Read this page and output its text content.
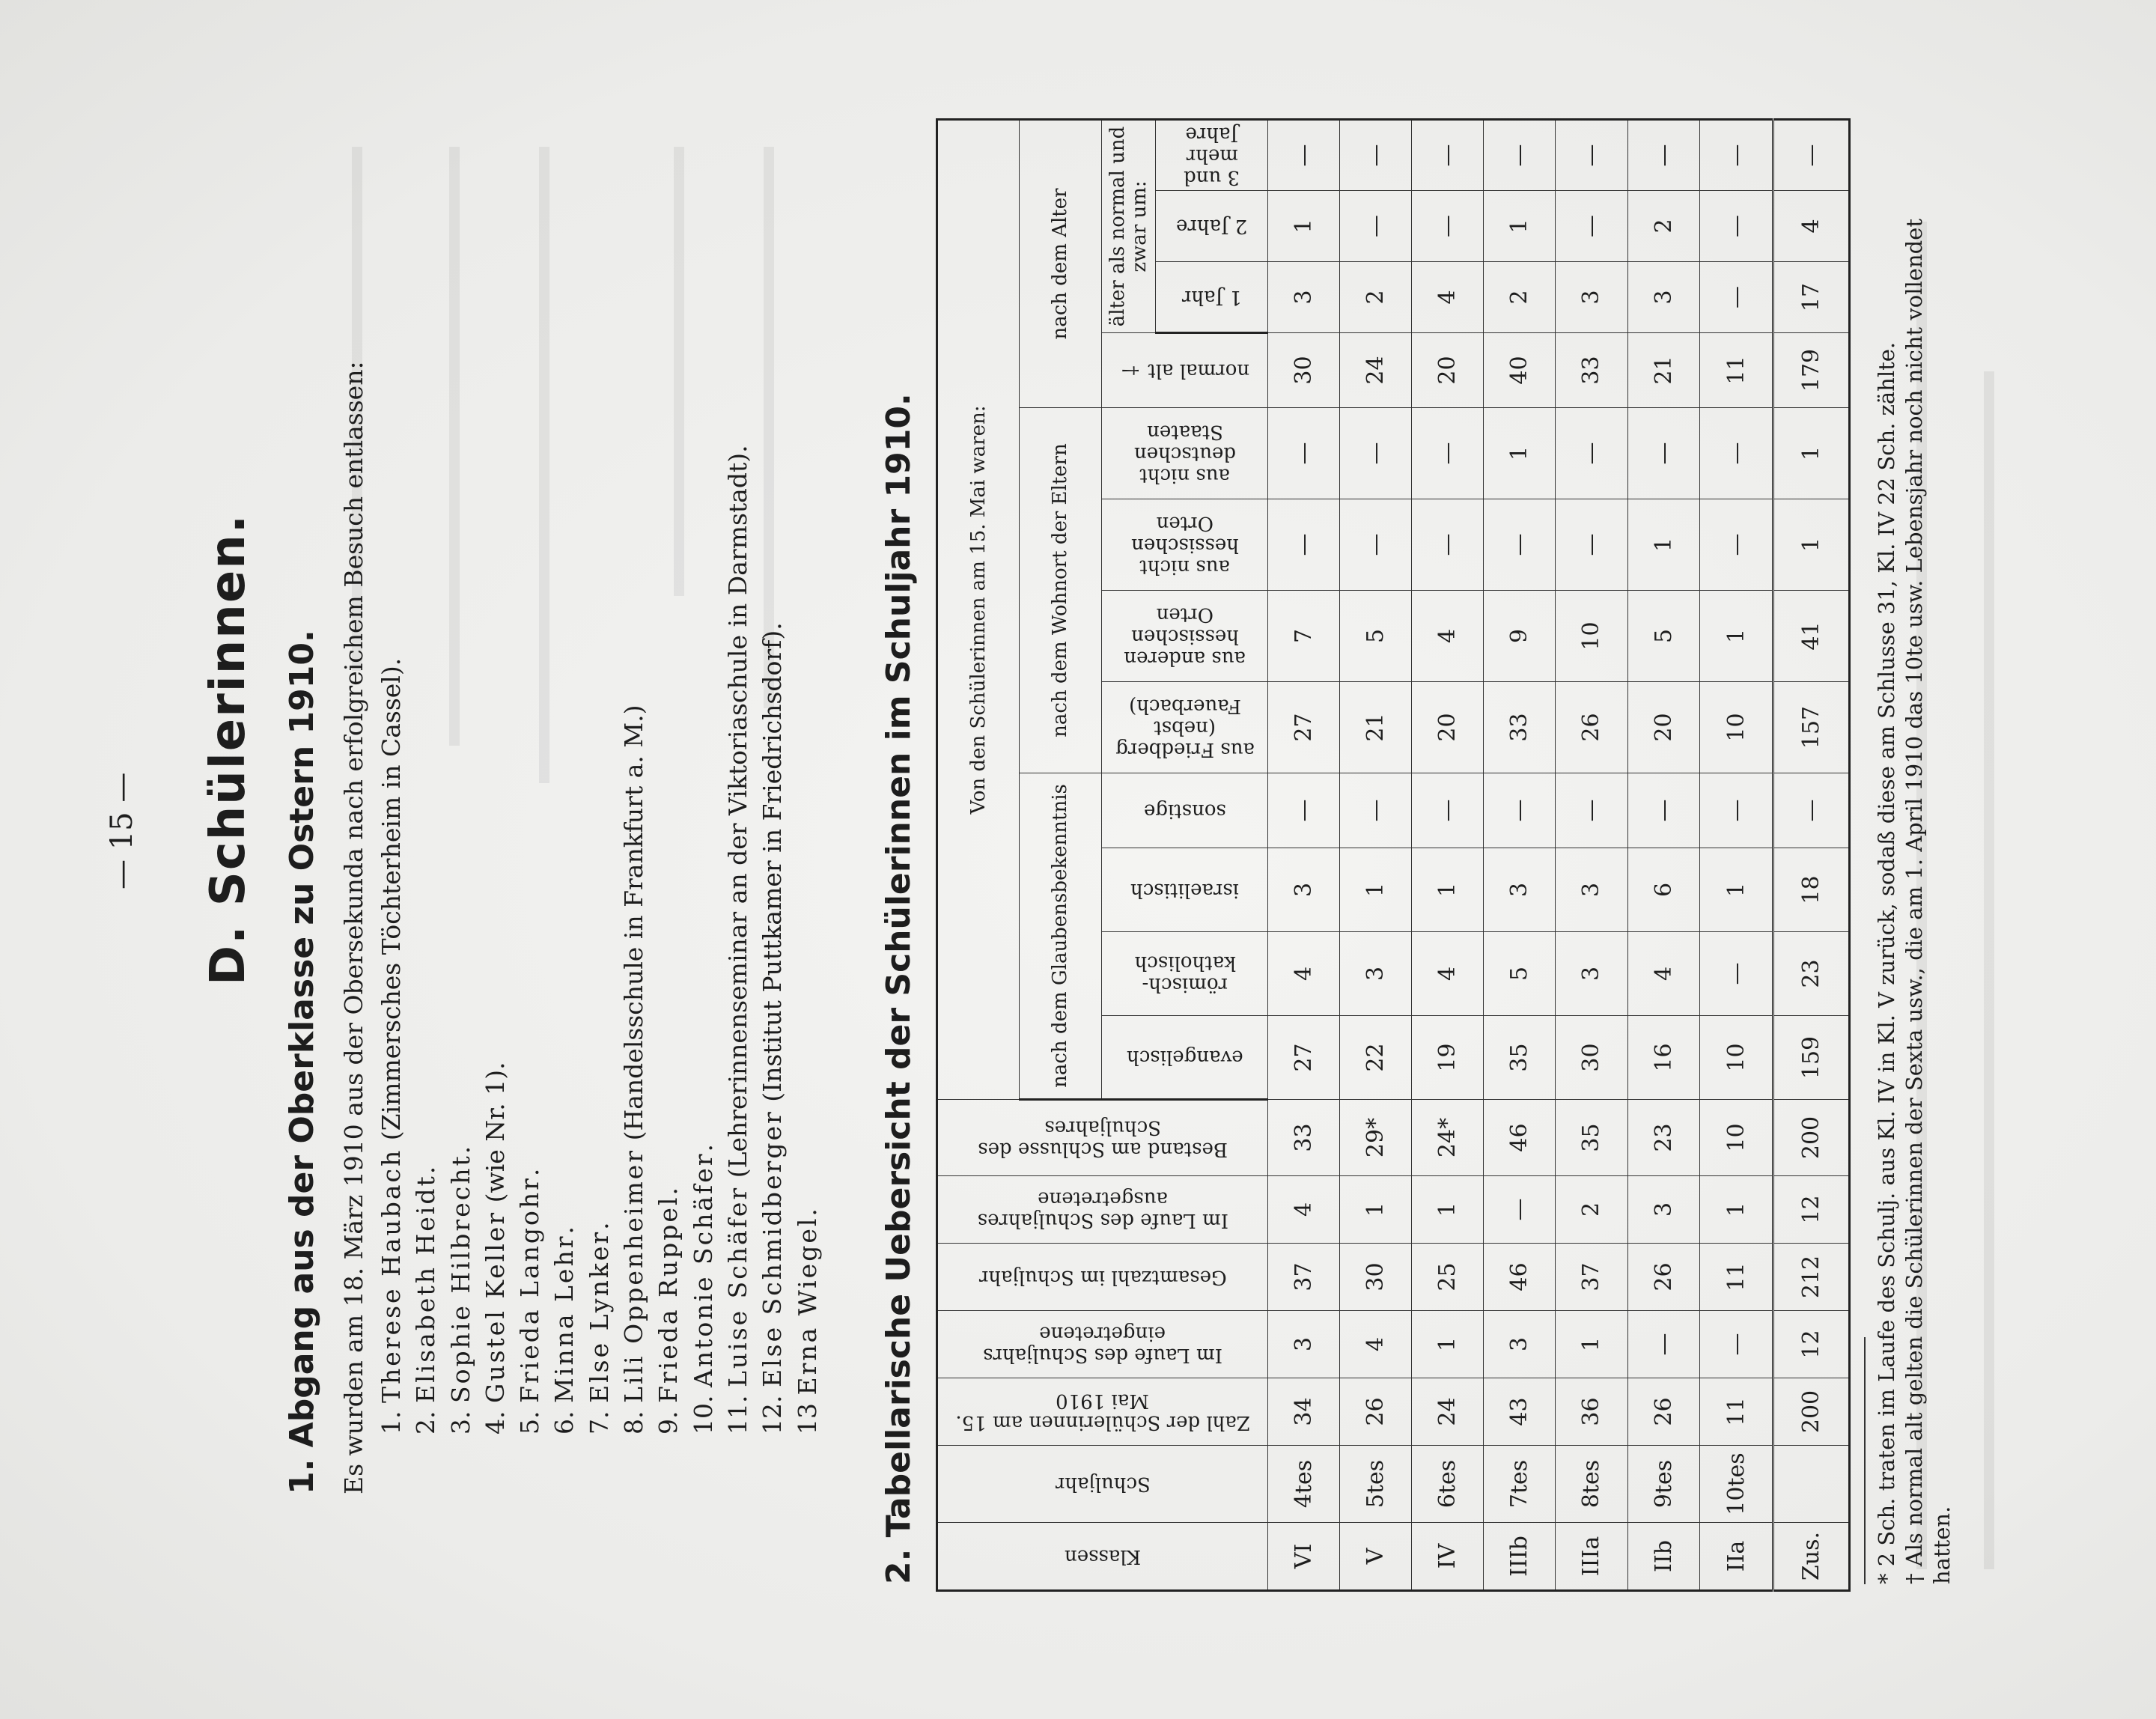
— 15 — D. Schülerinnen. 1. Abgang aus der Oberklasse zu Ostern 1910. Es wurden am 18. März 1910 aus der Obersekunda nach erfolgreichem Besuch entlassen: 1. Therese Haubach (Zimmersches Töchterheim in Cassel).
2. Elisabeth Heidt.
3. Sophie Hilbrecht.
4. Gustel Keller (wie Nr. 1).
5. Frieda Langohr.
6. Minna Lehr.
7. Else Lynker.
8. Lili Oppenheimer (Handelsschule in Frankfurt a. M.)
9. Frieda Ruppel.
10. Antonie Schäfer.
11. Luise Schäfer (Lehrerinnenseminar an der Viktoriaschule in Darmstadt).
12. Else Schmidberger (Institut Puttkamer in Friedrichsdorf).
13 Erna Wiegel. 2. Tabellarische Uebersicht der Schülerinnen im Schuljahr 1910.	Klassen	Schuljahr	Zahl der Schülerinnen am 15. Mai 1910	Im Laufe des Schuljahrs eingetretene	Gesamtzahl im Schuljahr	Im Laufe des Schuljahres ausgetretene	Bestand am Schlusse des Schuljahres	Von den Schülerinnen am 15. Mai waren:											
							nach dem Glaubensbekenntnis				nach dem Wohnort der Eltern				nach dem Alter			

							evangelisch	römisch-katholisch	israelitisch	sonstige	aus Friedberg (nebst Fauerbach)	aus anderen hessischen Orten	aus nicht hessischen Orten	aus nicht deutschen Staaten	normal alt †	älter als normal und zwar um:		

																1 Jahr	2 Jahre	3 und mehr Jahre

VI	4tes	34	3	37	4	33	27	4	3	—	27	7	—	—	30	3	1	—
V	5tes	26	4	30	1	29*	22	3	1	—	21	5	—	—	24	2	—	—
IV	6tes	24	1	25	1	24*	19	4	1	—	20	4	—	—	20	4	—	—
IIIb	7tes	43	3	46	—	46	35	5	3	—	33	9	—	1	40	2	1	—
IIIa	8tes	36	1	37	2	35	30	3	3	—	26	10	—	—	33	3	—	—
IIb	9tes	26	—	26	3	23	16	4	6	—	20	5	1	—	21	3	2	—
IIa	10tes	11	—	11	1	10	10	—	1	—	10	1	—	—	11	—	—	—
Zus.		200	12	212	12	200	159	23	18	—	157	41	1	1	179	17	4	—

* 2 Sch. traten im Laufe des Schulj. aus Kl. IV in Kl. V zurück, sodaß diese am Schlusse 31, Kl. IV 22 Sch. zählte. † Als normal alt gelten die Schülerinnen der Sexta usw., die am 1. April 1910 das 10te usw. Lebensjahr noch nicht vollendet hatten.
